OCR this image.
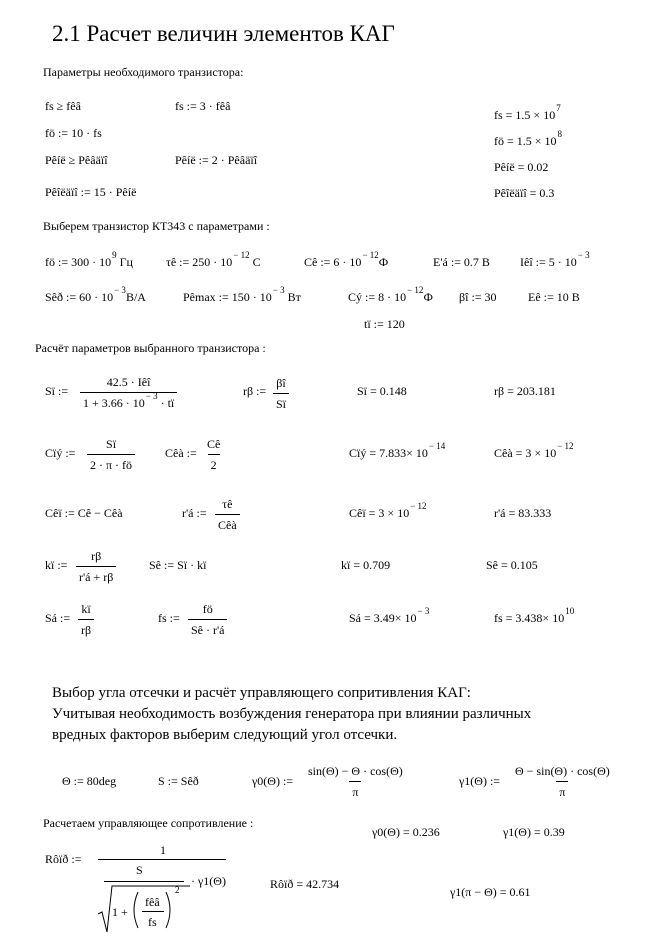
2.1 Расчет величин элементов КАГ
Параметры необходимого транзистора:
fs ≥ fêâ	fs := 3 · fêâ
fö := 10 · fs
Pêíë ≥ Pêâäïî	Pêíë := 2 · Pêâäïî
Pêîëäïî := 15 · Pêíë
fs = $1.5 \times 10^7$
fö = $1.5 \times 10^8$
Pêíë = 0.02
Pêîëäïî = 0.3
Выберем транзистор КТ343 с параметрами :
fö := $300 \cdot 10^9$ Гц	τê := $250 \cdot 10^{- 12}$ С	Cê := $6 \cdot 10^{- 12}Ф$	E'á := 0.7 В	Iêî := $5 \cdot 10^{- 3}$
Sêð := $60 \cdot 10^{- 3}В/А$	Pêmax := $150 \cdot 10^{- 3}$ Вт	Cý := $8 \cdot 10^{- 12}Ф$ βî := 30	Eê := 10 В
tï := 120
Расчёт параметров выбранного транзистора :
Sï :=
42.5 · Iêî
$1 + 3.66 \cdot 10^{- 3}$ · tï
rβ := $\frac{\beta î}{Sï}$	Sï = 0.148	rβ = 203.181
Cïý := $\frac{Sï}{2 \cdot \pi \cdot fö}$ Cêà := $\frac{Cê}{2}$	Cïý = $7.833\times 10^{- 14}$	Cêà = $3 \times 10^{- 12}$
Cêï := Cê − Cêà	r'á :=
τê
Cêà
Cêï = $3 \times 10^{- 12}$	r'á = 83.333
kï := $\frac{r\beta}{r'á + r\beta}$	Sê := Sï · kï	kï = 0.709	Sê = 0.105
Sá := $\frac{kï}{r\beta}$	fs := $\frac{fö}{Sê \cdot r'á}$	Sá = $3.49\times 10^{- 3}$	fs = $3.438\times 10^{10}$
Выбор угла отсечки и расчёт управляющего сопритивления КАГ:
Учитывая необходимость возбуждения генератора при влиянии различных
вредных факторов выберим следующий угол отсечки.
Θ := 80deg	S := Sêð	γ0(Θ) := $\frac{\sin(\Theta) - \Theta \cdot \cos(\Theta)}{\pi}$	γ1(Θ) := $\frac{\Theta - \sin(\Theta) \cdot \cos(\Theta)}{\pi}$
Расчетаем управляющее сопротивление :
γ0(Θ) = 0.236	γ1(Θ) = 0.39
Rôïð :=
1
S
· γ1(Θ)
1 +
fêâ
fs
2	Rôïð = 42.734
γ1(π − Θ) = 0.61
